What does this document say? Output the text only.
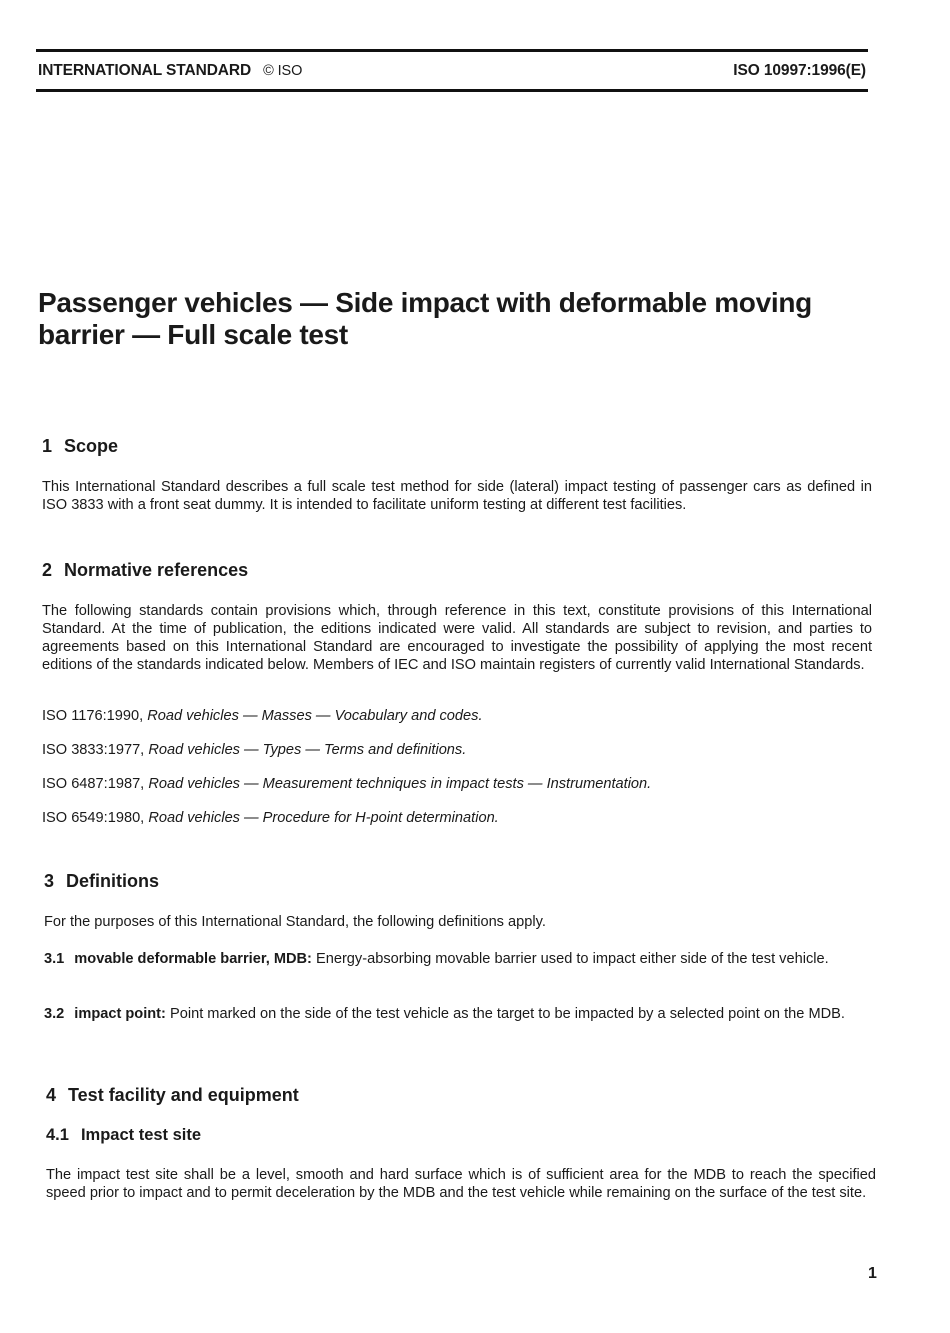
INTERNATIONAL STANDARD © ISO	ISO 10997:1996(E)
Passenger vehicles — Side impact with deformable moving
barrier — Full scale test
1 Scope
This International Standard describes a full scale test method for side (lateral) impact testing of passenger cars as defined in ISO 3833 with a front seat dummy. It is intended to facilitate uniform testing at different test facilities.
2 Normative references
The following standards contain provisions which, through reference in this text, constitute provisions of this International Standard. At the time of publication, the editions indicated were valid. All standards are subject to revision, and parties to agreements based on this International Standard are encouraged to investigate the possibility of applying the most recent editions of the standards indicated below. Members of IEC and ISO maintain registers of currently valid International Standards.
ISO 1176:1990, Road vehicles — Masses — Vocabulary and codes.
ISO 3833:1977, Road vehicles — Types — Terms and definitions.
ISO 6487:1987, Road vehicles — Measurement techniques in impact tests — Instrumentation.
ISO 6549:1980, Road vehicles — Procedure for H-point determination.
3 Definitions
For the purposes of this International Standard, the following definitions apply.
3.1 movable deformable barrier, MDB: Energy-absorbing movable barrier used to impact either side of the test vehicle.
3.2 impact point: Point marked on the side of the test vehicle as the target to be impacted by a selected point on the MDB.
4 Test facility and equipment
4.1 Impact test site
The impact test site shall be a level, smooth and hard surface which is of sufficient area for the MDB to reach the specified speed prior to impact and to permit deceleration by the MDB and the test vehicle while remaining on the surface of the test site.
1
